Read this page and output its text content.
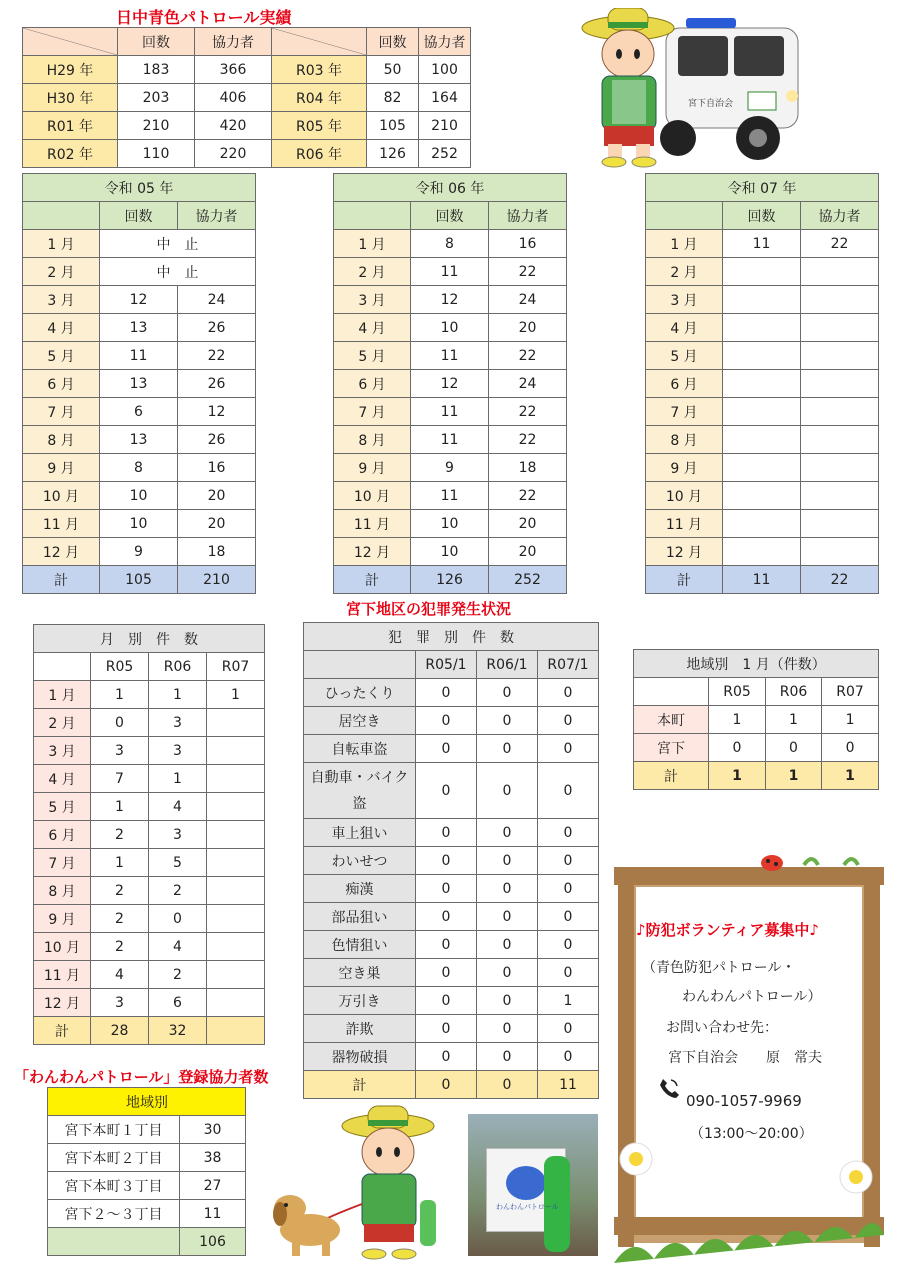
日中青色パトロール実績
	回数	協力者		回数	協力者
H29 年	183	366	R03 年	50	100
H30 年	203	406	R04 年	82	164
R01 年	210	420	R05 年	105	210
R02 年	110	220	R06 年	126	252
宮下自治会
令和 05 年		
	回数	協力者
1 月	中　止	
2 月	中　止	
3 月	12	24
4 月	13	26
5 月	11	22
6 月	13	26
7 月	6	12
8 月	13	26
9 月	8	16
10 月	10	20
11 月	10	20
12 月	9	18
計	105	210
令和 06 年		
	回数	協力者
1 月	8	16
2 月	11	22
3 月	12	24
4 月	10	20
5 月	11	22
6 月	12	24
7 月	11	22
8 月	11	22
9 月	9	18
10 月	11	22
11 月	10	20
12 月	10	20
計	126	252
令和 07 年		
	回数	協力者
1 月	11	22
2 月		
3 月		
4 月		
5 月		
6 月		
7 月		
8 月		
9 月		
10 月		
11 月		
12 月		
計	11	22
宮下地区の犯罪発生状況
月　別　件　数			
	R05	R06	R07
1 月	1	1	1
2 月	0	3	
3 月	3	3	
4 月	7	1	
5 月	1	4	
6 月	2	3	
7 月	1	5	
8 月	2	2	
9 月	2	0	
10 月	2	4	
11 月	4	2	
12 月	3	6	
計	28	32	
犯　罪　別　件　数			
	R05/1	R06/1	R07/1
ひったくり	0	0	0
居空き	0	0	0
自転車盗	0	0	0
自動車・バイク盗	0	0	0
車上狙い	0	0	0
わいせつ	0	0	0
痴漢	0	0	0
部品狙い	0	0	0
色情狙い	0	0	0
空き巣	0	0	0
万引き	0	0	1
詐欺	0	0	0
器物破損	0	0	0
計	0	0	11
地域別　1 月（件数）			
	R05	R06	R07
本町	1	1	1
宮下	0	0	0
計	1	1	1
♪防犯ボランティア募集中♪
（青色防犯パトロール・
わんわんパトロール）
お問い合わせ先：
宮下自治会　　原　常夫
090-1057-9969
（13:00～20:00）
「わんわんパトロール」登録協力者数
地域別	
宮下本町１丁目	30
宮下本町２丁目	38
宮下本町３丁目	27
宮下２～３丁目	11
	106
わんわんパトロール
